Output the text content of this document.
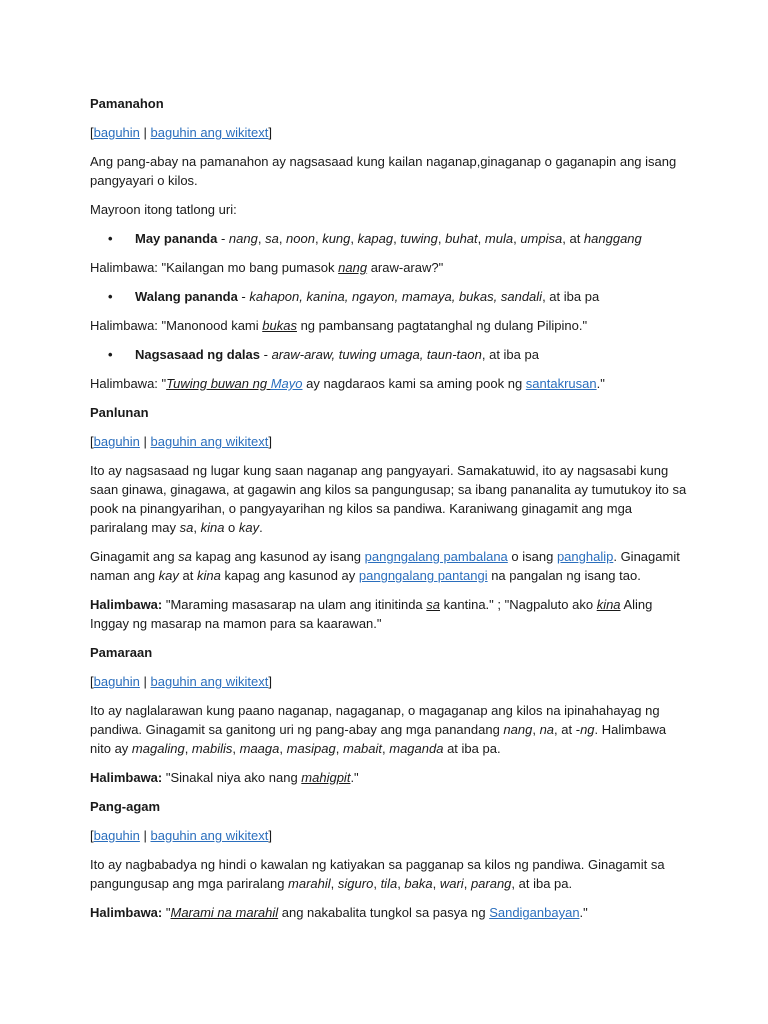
Pamanahon

[baguhin | baguhin ang wikitext]

Ang pang-abay na pamanahon ay nagsasaad kung kailan naganap,ginaganap o gaganapin ang isang pangyayari o kilos.

Mayroon itong tatlong uri:

• May pananda - nang, sa, noon, kung, kapag, tuwing, buhat, mula, umpisa, at hanggang

Halimbawa: "Kailangan mo bang pumasok nang araw-araw?"

• Walang pananda - kahapon, kanina, ngayon, mamaya, bukas, sandali, at iba pa

Halimbawa: "Manonood kami bukas ng pambansang pagtatanghal ng dulang Pilipino."

• Nagsasaad ng dalas - araw-araw, tuwing umaga, taun-taon, at iba pa

Halimbawa: "Tuwing buwan ng Mayo ay nagdaraos kami sa aming pook ng santakrusan."

Panlunan

[baguhin | baguhin ang wikitext]

Ito ay nagsasaad ng lugar kung saan naganap ang pangyayari. Samakatuwid, ito ay nagsasabi kung saan ginawa, ginagawa, at gagawin ang kilos sa pangungusap; sa ibang pananalita ay tumutukoy ito sa pook na pinangyarihan, o pangyayarihan ng kilos sa pandiwa. Karaniwang ginagamit ang mga pariralang may sa, kina o kay.

Ginagamit ang sa kapag ang kasunod ay isang pangngalang pambalana o isang panghalip. Ginagamit naman ang kay at kina kapag ang kasunod ay pangngalang pantangi na pangalan ng isang tao.

Halimbawa: "Maraming masasarap na ulam ang itinitinda sa kantina." ; "Nagpaluto ako kina Aling Inggay ng masarap na mamon para sa kaarawan."

Pamaraan

[baguhin | baguhin ang wikitext]

Ito ay naglalarawan kung paano naganap, nagaganap, o magaganap ang kilos na ipinahahayag ng pandiwa. Ginagamit sa ganitong uri ng pang-abay ang mga panandang nang, na, at -ng. Halimbawa nito ay magaling, mabilis, maaga, masipag, mabait, maganda at iba pa.

Halimbawa: "Sinakal niya ako nang mahigpit."

Pang-agam

[baguhin | baguhin ang wikitext]

Ito ay nagbabadya ng hindi o kawalan ng katiyakan sa pagganap sa kilos ng pandiwa. Ginagamit sa pangungusap ang mga pariralang marahil, siguro, tila, baka, wari, parang, at iba pa.

Halimbawa: "Marami na marahil ang nakabalita tungkol sa pasya ng Sandiganbayan."
